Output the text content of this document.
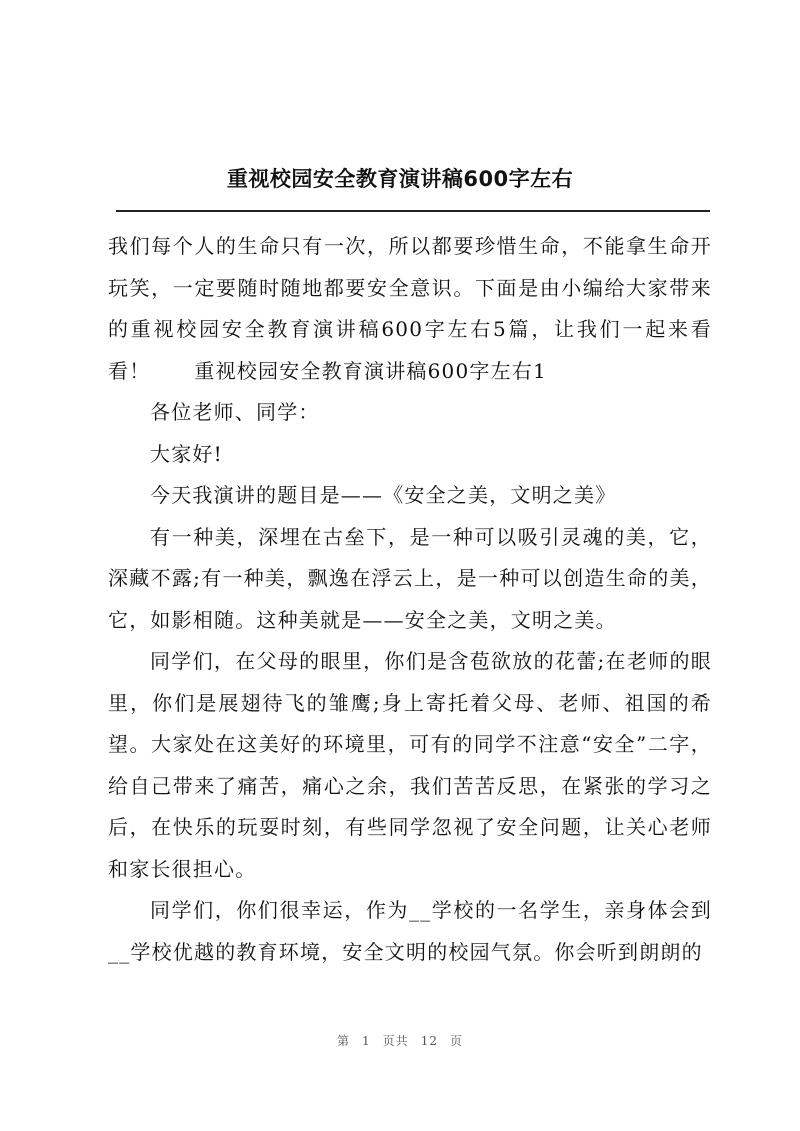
重视校园安全教育演讲稿600字左右

我们每个人的生命只有一次，所以都要珍惜生命，不能拿生命开玩笑，一定要随时随地都要安全意识。下面是由小编给大家带来的重视校园安全教育演讲稿600字左右5篇，让我们一起来看看！ 重视校园安全教育演讲稿600字左右1

各位老师、同学：

大家好!

今天我演讲的题目是——《安全之美，文明之美》

有一种美，深埋在古垒下，是一种可以吸引灵魂的美，它，深藏不露;有一种美，飘逸在浮云上，是一种可以创造生命的美，它，如影相随。这种美就是——安全之美，文明之美。

同学们，在父母的眼里，你们是含苞欲放的花蕾;在老师的眼里，你们是展翅待飞的雏鹰;身上寄托着父母、老师、祖国的希望。大家处在这美好的环境里，可有的同学不注意“安全”二字，给自己带来了痛苦，痛心之余，我们苦苦反思，在紧张的学习之后，在快乐的玩耍时刻，有些同学忽视了安全问题，让关心老师和家长很担心。

同学们，你们很幸运，作为__学校的一名学生，亲身体会到__学校优越的教育环境，安全文明的校园气氛。你会听到朗朗的

第 1 页共 12 页
